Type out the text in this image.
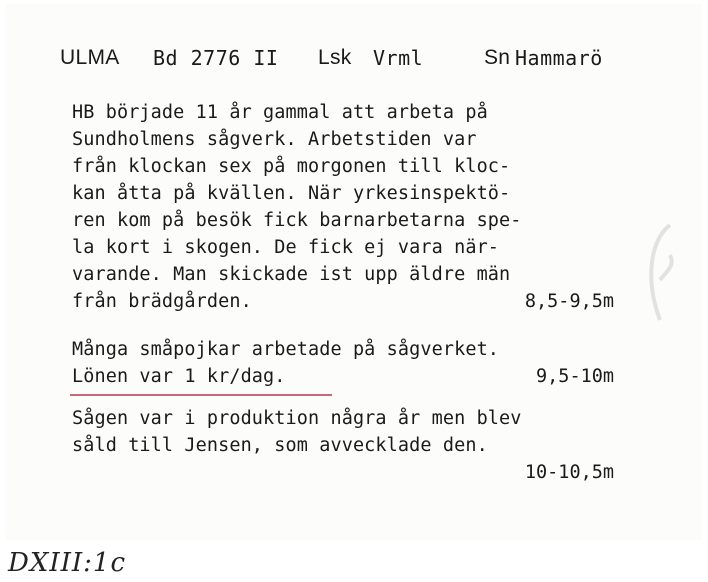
ULMA Bd 2776 II Lsk Vrml	Sn Hammarö
HB började 11 år gammal att arbeta på
Sundholmens sågverk. Arbetstiden var
från klockan sex på morgonen till kloc-
kan åtta på kvällen. När yrkesinspektö-
ren kom på besök fick barnarbetarna spe-
la kort i skogen. De fick ej vara när-
varande. Man skickade ist upp äldre män
från brädgården.	8,5-9,5m
Många småpojkar arbetade på sågverket.
Lönen var 1 kr/dag.	9,5-10m
Sågen var i produktion några år men blev
såld till Jensen, som avvecklade den.
10-10,5m
DXIII:1c
